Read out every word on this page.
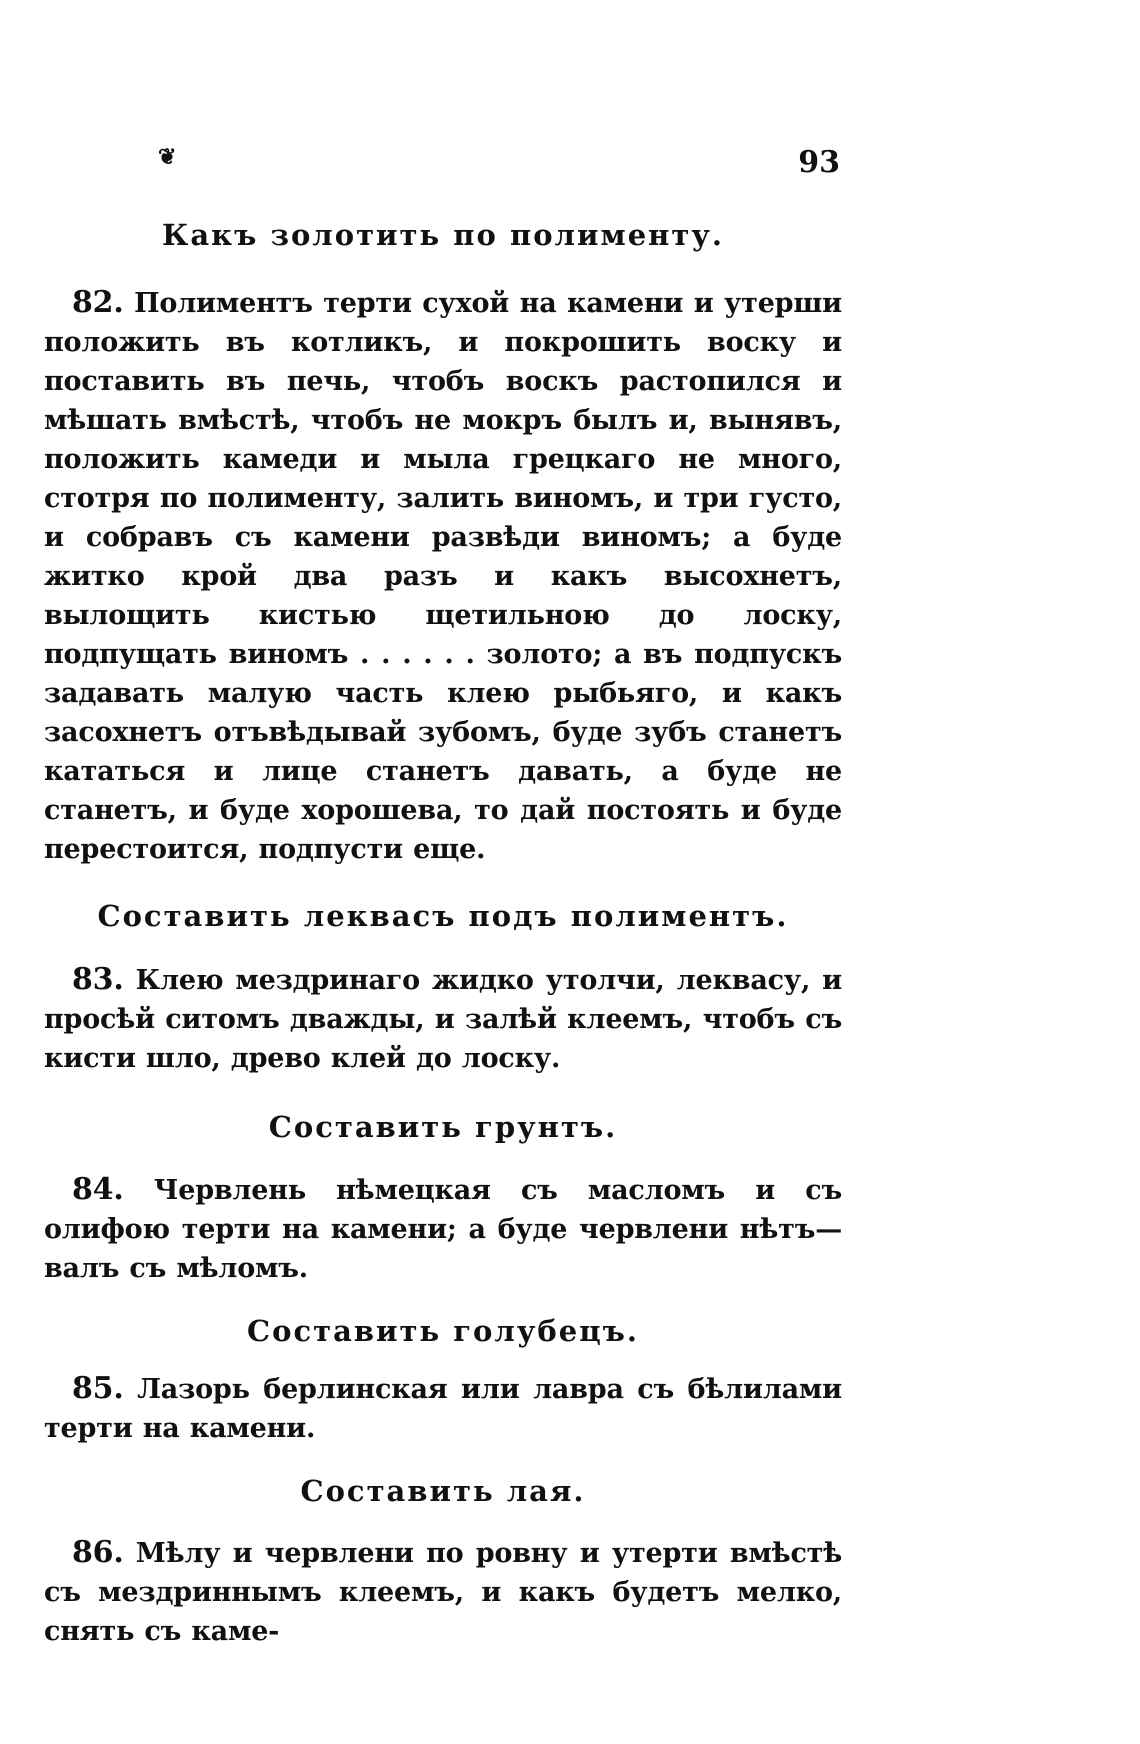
❦	93
Какъ золотить по полименту.

82. Полиментъ терти сухой на камени и утерши положить въ котликъ, и покрошить воску и поставить въ печь, чтобъ воскъ растопился и мѣшать вмѣстѣ, чтобъ не мокръ былъ и, вынявъ, положить камеди и мыла грецкаго не много, стотря по полименту, залить виномъ, и три густо, и собравъ съ камени развѣди виномъ; а буде житко крой два разъ и какъ высохнетъ, вылощить кистью щетильною до лоску, подпущать виномъ . . . . . . золото; а въ подпускъ задавать малую часть клею рыбьяго, и какъ засохнетъ отъвѣдывай зубомъ, буде зубъ станетъ кататься и лице станетъ давать, а буде не станетъ, и буде хорошева, то дай постоять и буде перестоится, подпусти еще.

Составить леквасъ подъ полиментъ.

83. Клею мездринаго жидко утолчи, леквасу, и просѣй ситомъ дважды, и залѣй клеемъ, чтобъ съ кисти шло, древо клей до лоску.

Составить грунтъ.

84. Червлень нѣмецкая съ масломъ и съ олифою терти на камени; а буде червлени нѣтъ—валъ съ мѣломъ.

Составить голубецъ.

85. Лазорь берлинская или лавра съ бѣлилами терти на камени.

Составить лая.

86. Мѣлу и червлени по ровну и утерти вмѣстѣ съ мездриннымъ клеемъ, и какъ будетъ мелко, снять съ каме-
